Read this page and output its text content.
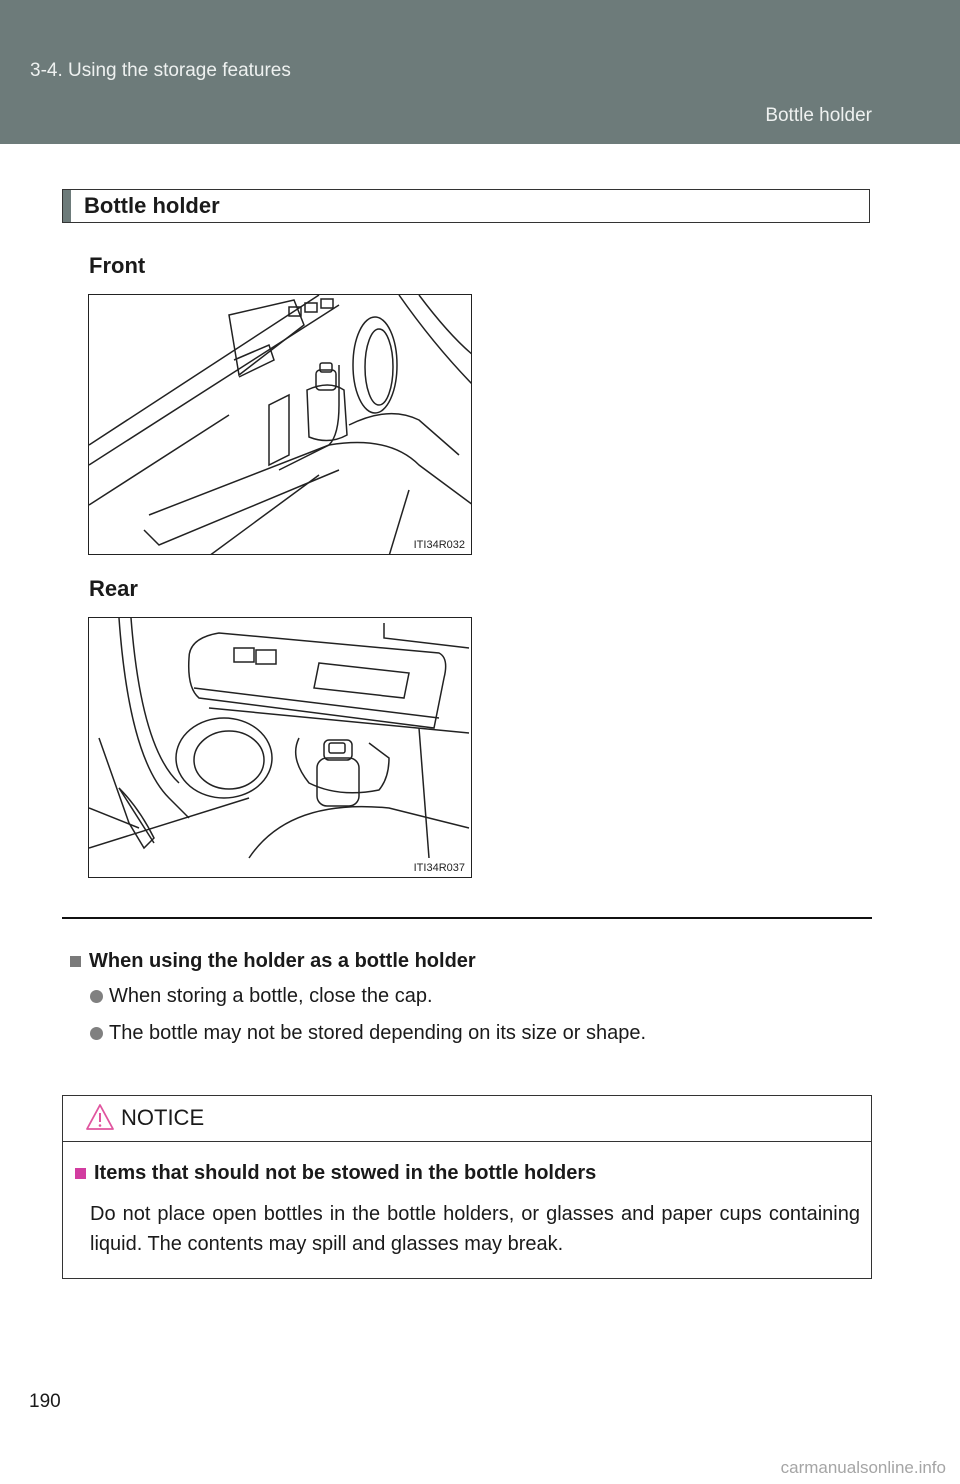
3-4. Using the storage features
Bottle holder
Bottle holder
Front
ITI34R032
Rear
ITI34R037
When using the holder as a bottle holder
When storing a bottle, close the cap.
The bottle may not be stored depending on its size or shape.
NOTICE
Items that should not be stowed in the bottle holders
Do not place open bottles in the bottle holders, or glasses and paper cups containing liquid. The contents may spill and glasses may break.
190
carmanualsonline.info
